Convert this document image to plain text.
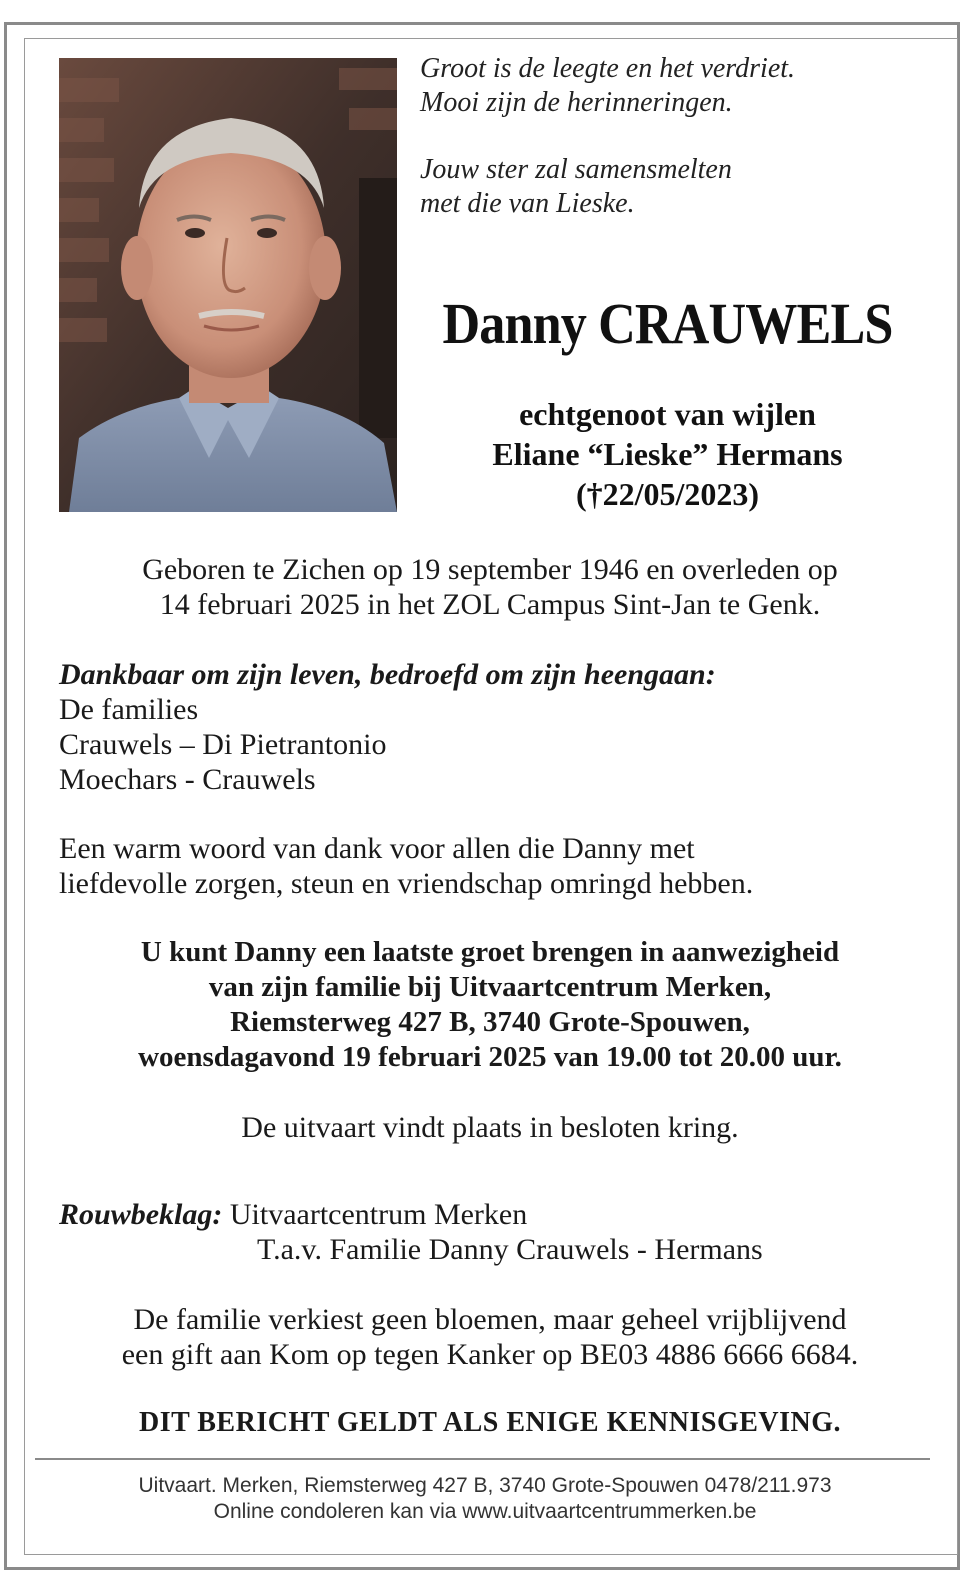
Groot is de leegte en het verdriet.
Mooi zijn de herinneringen.
Jouw ster zal samensmelten
met die van Lieske.
Danny CRAUWELS
echtgenoot van wijlen
Eliane “Lieske” Hermans
(†22/05/2023)
Geboren te Zichen op 19 september 1946 en overleden op
14 februari 2025 in het ZOL Campus Sint-Jan te Genk.
Dankbaar om zijn leven, bedroefd om zijn heengaan:
De families
Crauwels – Di Pietrantonio
Moechars - Crauwels
Een warm woord van dank voor allen die Danny met
liefdevolle zorgen, steun en vriendschap omringd hebben.
U kunt Danny een laatste groet brengen in aanwezigheid
van zijn familie bij Uitvaartcentrum Merken,
Riemsterweg 427 B, 3740 Grote-Spouwen,
woensdagavond 19 februari 2025 van 19.00 tot 20.00 uur.
De uitvaart vindt plaats in besloten kring.
Rouwbeklag: Uitvaartcentrum Merken
T.a.v. Familie Danny Crauwels - Hermans
De familie verkiest geen bloemen, maar geheel vrijblijvend
een gift aan Kom op tegen Kanker op BE03 4886 6666 6684.
DIT BERICHT GELDT ALS ENIGE KENNISGEVING.
Uitvaart. Merken, Riemsterweg 427 B, 3740 Grote-Spouwen 0478/211.973
Online condoleren kan via www.uitvaartcentrummerken.be
